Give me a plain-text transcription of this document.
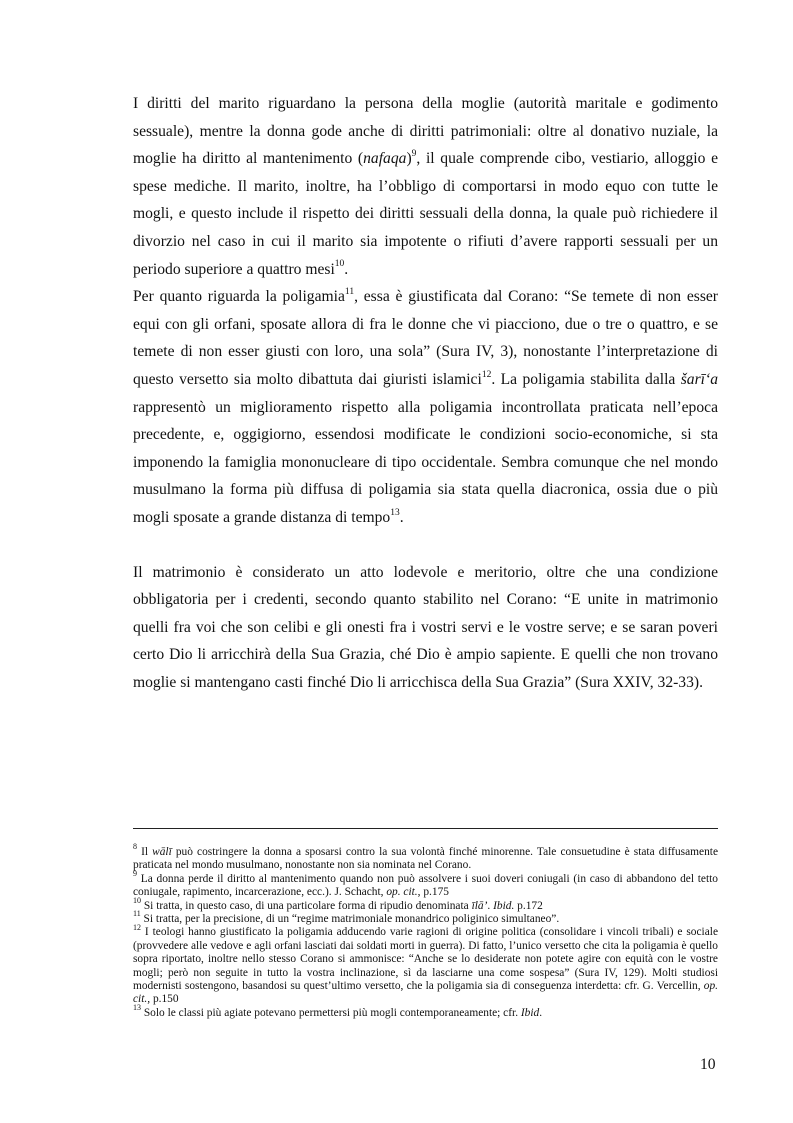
I diritti del marito riguardano la persona della moglie (autorità maritale e godimento sessuale), mentre la donna gode anche di diritti patrimoniali: oltre al donativo nuziale, la moglie ha diritto al mantenimento (nafaqa)$^9$, il quale comprende cibo, vestiario, alloggio e spese mediche. Il marito, inoltre, ha l’obbligo di comportarsi in modo equo con tutte le mogli, e questo include il rispetto dei diritti sessuali della donna, la quale può richiedere il divorzio nel caso in cui il marito sia impotente o rifiuti d’avere rapporti sessuali per un periodo superiore a quattro mesi$^{10}$.

Per quanto riguarda la poligamia$^{11}$, essa è giustificata dal Corano: “Se temete di non esser equi con gli orfani, sposate allora di fra le donne che vi piacciono, due o tre o quattro, e se temete di non esser giusti con loro, una sola” (Sura IV, 3), nonostante l’interpretazione di questo versetto sia molto dibattuta dai giuristi islamici$^{12}$. La poligamia stabilita dalla šarī‘a rappresentò un miglioramento rispetto alla poligamia incontrollata praticata nell’epoca precedente, e, oggigiorno, essendosi modificate le condizioni socio-economiche, si sta imponendo la famiglia mononucleare di tipo occidentale. Sembra comunque che nel mondo musulmano la forma più diffusa di poligamia sia stata quella diacronica, ossia due o più mogli sposate a grande distanza di tempo$^{13}$.

Il matrimonio è considerato un atto lodevole e meritorio, oltre che una condizione obbligatoria per i credenti, secondo quanto stabilito nel Corano: “E unite in matrimonio quelli fra voi che son celibi e gli onesti fra i vostri servi e le vostre serve; e se saran poveri certo Dio li arricchirà della Sua Grazia, ché Dio è ampio sapiente. E quelli che non trovano moglie si mantengano casti finché Dio li arricchisca della Sua Grazia” (Sura XXIV, 32-33).

$^8$ Il wālī può costringere la donna a sposarsi contro la sua volontà finché minorenne. Tale consuetudine è stata diffusamente praticata nel mondo musulmano, nonostante non sia nominata nel Corano.

$^9$ La donna perde il diritto al mantenimento quando non può assolvere i suoi doveri coniugali (in caso di abbandono del tetto coniugale, rapimento, incarcerazione, ecc.). J. Schacht, op. cit., p.175

$^{10}$ Si tratta, in questo caso, di una particolare forma di ripudio denominata īlā’. Ibid. p.172

$^{11}$ Si tratta, per la precisione, di un “regime matrimoniale monandrico poliginico simultaneo”.

$^{12}$ I teologi hanno giustificato la poligamia adducendo varie ragioni di origine politica (consolidare i vincoli tribali) e sociale (provvedere alle vedove e agli orfani lasciati dai soldati morti in guerra). Di fatto, l’unico versetto che cita la poligamia è quello sopra riportato, inoltre nello stesso Corano si ammonisce: “Anche se lo desiderate non potete agire con equità con le vostre mogli; però non seguite in tutto la vostra inclinazione, sì da lasciarne una come sospesa” (Sura IV, 129). Molti studiosi modernisti sostengono, basandosi su quest’ultimo versetto, che la poligamia sia di conseguenza interdetta: cfr. G. Vercellin, op. cit., p.150

$^{13}$ Solo le classi più agiate potevano permettersi più mogli contemporaneamente; cfr. Ibid.

10
